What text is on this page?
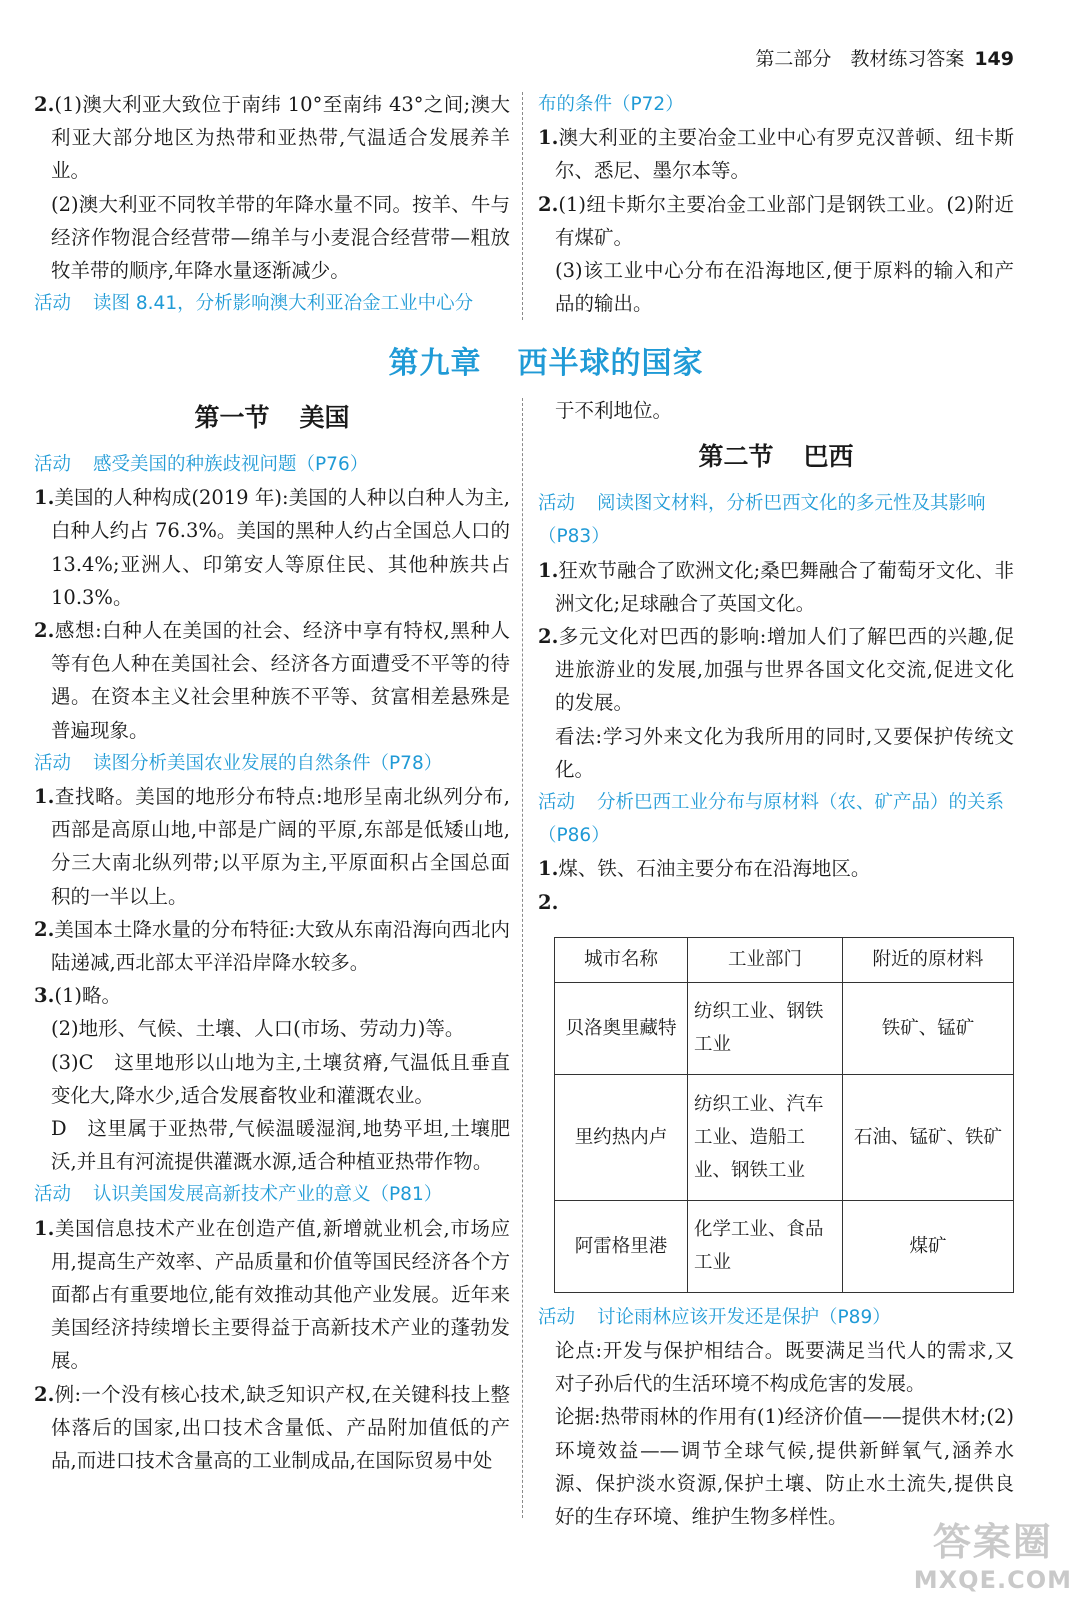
第二部分　教材练习答案 149

2.(1)澳大利亚大致位于南纬 10°至南纬 43°之间;澳大利亚大部分地区为热带和亚热带,气温适合发展养羊业。

(2)澳大利亚不同牧羊带的年降水量不同。按羊、牛与经济作物混合经营带—绵羊与小麦混合经营带—粗放牧羊带的顺序,年降水量逐渐减少。

活动 读图 8.41，分析影响澳大利亚冶金工业中心分

布的条件（P72）

1.澳大利亚的主要冶金工业中心有罗克汉普顿、纽卡斯尔、悉尼、墨尔本等。

2.(1)纽卡斯尔主要冶金工业部门是钢铁工业。(2)附近有煤矿。

(3)该工业中心分布在沿海地区,便于原料的输入和产品的输出。

第九章 西半球的国家
第一节 美国

活动 感受美国的种族歧视问题（P76）

1.美国的人种构成(2019 年):美国的人种以白种人为主,白种人约占 76.3%。美国的黑种人约占全国总人口的 13.4%;亚洲人、印第安人等原住民、其他种族共占 10.3%。

2.感想:白种人在美国的社会、经济中享有特权,黑种人等有色人种在美国社会、经济各方面遭受不平等的待遇。在资本主义社会里种族不平等、贫富相差悬殊是普遍现象。

活动 读图分析美国农业发展的自然条件（P78）

1.查找略。美国的地形分布特点:地形呈南北纵列分布,西部是高原山地,中部是广阔的平原,东部是低矮山地,分三大南北纵列带;以平原为主,平原面积占全国总面积的一半以上。

2.美国本土降水量的分布特征:大致从东南沿海向西北内陆递减,西北部太平洋沿岸降水较多。

3.(1)略。

(2)地形、气候、土壤、人口(市场、劳动力)等。

(3)C　这里地形以山地为主,土壤贫瘠,气温低且垂直变化大,降水少,适合发展畜牧业和灌溉农业。

D　这里属于亚热带,气候温暖湿润,地势平坦,土壤肥沃,并且有河流提供灌溉水源,适合种植亚热带作物。

活动 认识美国发展高新技术产业的意义（P81）

1.美国信息技术产业在创造产值,新增就业机会,市场应用,提高生产效率、产品质量和价值等国民经济各个方面都占有重要地位,能有效推动其他产业发展。近年来美国经济持续增长主要得益于高新技术产业的蓬勃发展。

2.例:一个没有核心技术,缺乏知识产权,在关键科技上整体落后的国家,出口技术含量低、产品附加值低的产品,而进口技术含量高的工业制成品,在国际贸易中处

于不利地位。

第二节 巴西

活动 阅读图文材料，分析巴西文化的多元性及其影响（P83）

1.狂欢节融合了欧洲文化;桑巴舞融合了葡萄牙文化、非洲文化;足球融合了英国文化。

2.多元文化对巴西的影响:增加人们了解巴西的兴趣,促进旅游业的发展,加强与世界各国文化交流,促进文化的发展。

看法:学习外来文化为我所用的同时,又要保护传统文化。

活动 分析巴西工业分布与原材料（农、矿产品）的关系（P86）

1.煤、铁、石油主要分布在沿海地区。

2.

城市名称	工业部门	附近的原材料
贝洛奥里藏特	纺织工业、钢铁工业	铁矿、锰矿
里约热内卢	纺织工业、汽车工业、造船工业、钢铁工业	石油、锰矿、铁矿
阿雷格里港	化学工业、食品工业	煤矿

活动 讨论雨林应该开发还是保护（P89）

论点:开发与保护相结合。既要满足当代人的需求,又对子孙后代的生活环境不构成危害的发展。

论据:热带雨林的作用有(1)经济价值——提供木材;(2)环境效益——调节全球气候,提供新鲜氧气,涵养水源、保护淡水资源,保护土壤、防止水土流失,提供良好的生存环境、维护生物多样性。

答案圈
MXQE.COM
